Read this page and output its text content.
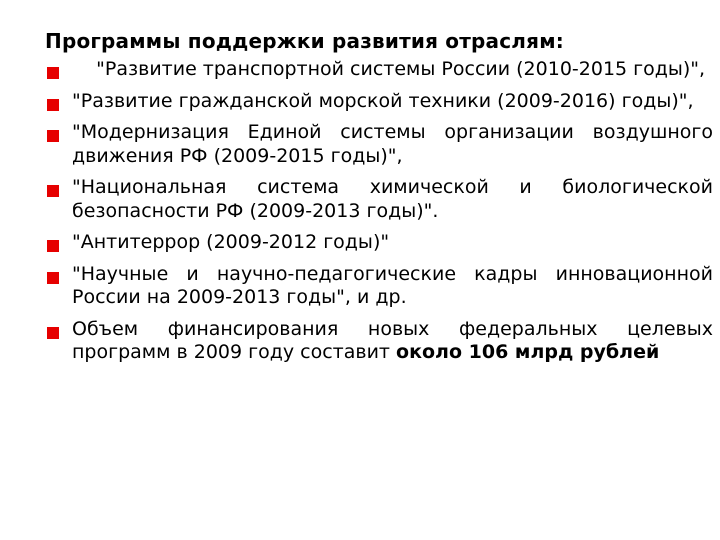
Программы поддержки развития отраслям:
"Развитие транспортной системы России (2010-2015 годы)",
"Развитие гражданской морской техники (2009-2016) годы)",
"Модернизация Единой системы организации воздушного движения РФ (2009-2015 годы)",
"Национальная система химической и биологической безопасности РФ (2009-2013 годы)".
"Антитеррор (2009-2012 годы)"
"Научные и научно-педагогические кадры инновационной России на 2009-2013 годы", и др.
Объем финансирования новых федеральных целевых программ в 2009 году составит около 106 млрд рублей
